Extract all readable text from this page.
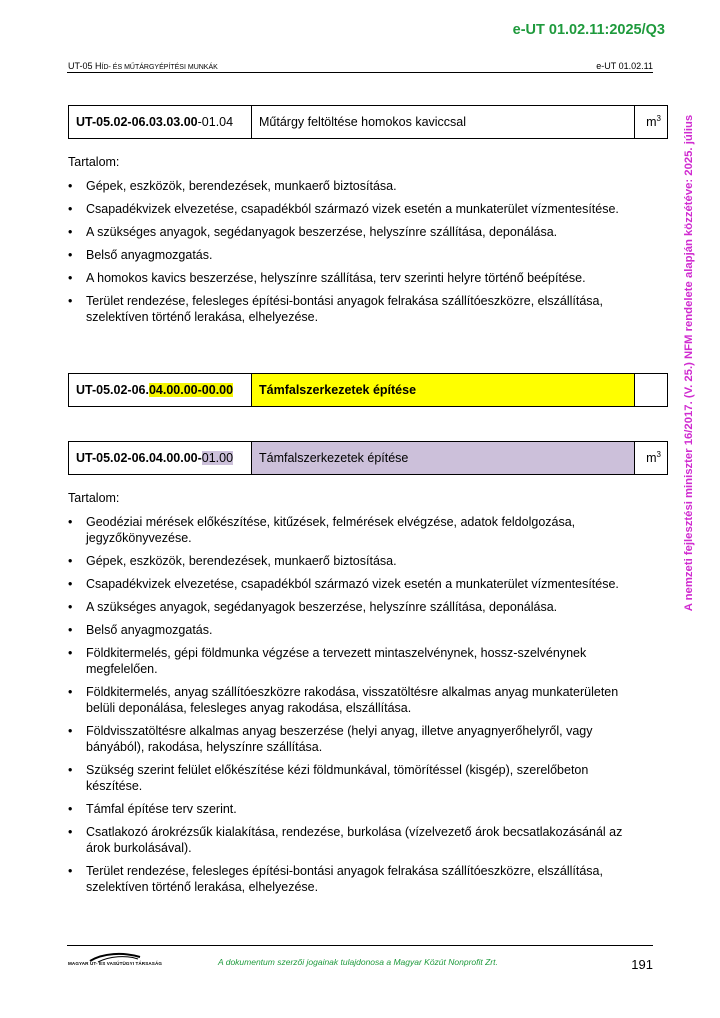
e-UT 01.02.11:2025/Q3
UT-05 HÍD- ÉS MŰTÁRGYÉPÍTÉSI MUNKÁK	e-UT 01.02.11
A nemzeti fejlesztési miniszter 16/2017. (V. 25.) NFM rendelete alapján közzétéve: 2025. július
UT-05.02-06.03.03.00-01.04	Műtárgy feltöltése homokos kaviccsal	$m^3$
Tartalom:
• Gépek, eszközök, berendezések, munkaerő biztosítása.
• Csapadékvizek elvezetése, csapadékból származó vizek esetén a munkaterület vízmentesítése.
• A szükséges anyagok, segédanyagok beszerzése, helyszínre szállítása, deponálása.
• Belső anyagmozgatás.
• A homokos kavics beszerzése, helyszínre szállítása, terv szerinti helyre történő beépítése.
• Terület rendezése, felesleges építési-bontási anyagok felrakása szállítóeszközre, elszállítása, szelektíven történő lerakása, elhelyezése.
UT-05.02-06.04.00.00-00.00	Támfalszerkezetek építése	
UT-05.02-06.04.00.00-01.00	Támfalszerkezetek építése	$m^3$
Tartalom:
• Geodéziai mérések előkészítése, kitűzések, felmérések elvégzése, adatok feldolgozása, jegyzőkönyvezése.
• Gépek, eszközök, berendezések, munkaerő biztosítása.
• Csapadékvizek elvezetése, csapadékból származó vizek esetén a munkaterület vízmentesítése.
• A szükséges anyagok, segédanyagok beszerzése, helyszínre szállítása, deponálása.
• Belső anyagmozgatás.
• Földkitermelés, gépi földmunka végzése a tervezett mintaszelvénynek, hossz-szelvénynek megfelelően.
• Földkitermelés, anyag szállítóeszközre rakodása, visszatöltésre alkalmas anyag munkaterületen belüli deponálása, felesleges anyag rakodása, elszállítása.
• Földvisszatöltésre alkalmas anyag beszerzése (helyi anyag, illetve anyagnyerőhelyről, vagy bányából), rakodása, helyszínre szállítása.
• Szükség szerint felület előkészítése kézi földmunkával, tömörítéssel (kisgép), szerelőbeton készítése.
• Támfal építése terv szerint.
• Csatlakozó árokrézsűk kialakítása, rendezése, burkolása (vízelvezető árok becsatlakozásánál az árok burkolásával).
• Terület rendezése, felesleges építési-bontási anyagok felrakása szállítóeszközre, elszállítása, szelektíven történő lerakása, elhelyezése.
MAGYAR UT- ÉS VASÚTÜGYI TÁRSASÁG	A dokumentum szerzői jogainak tulajdonosa a Magyar Közút Nonprofit Zrt.	191
